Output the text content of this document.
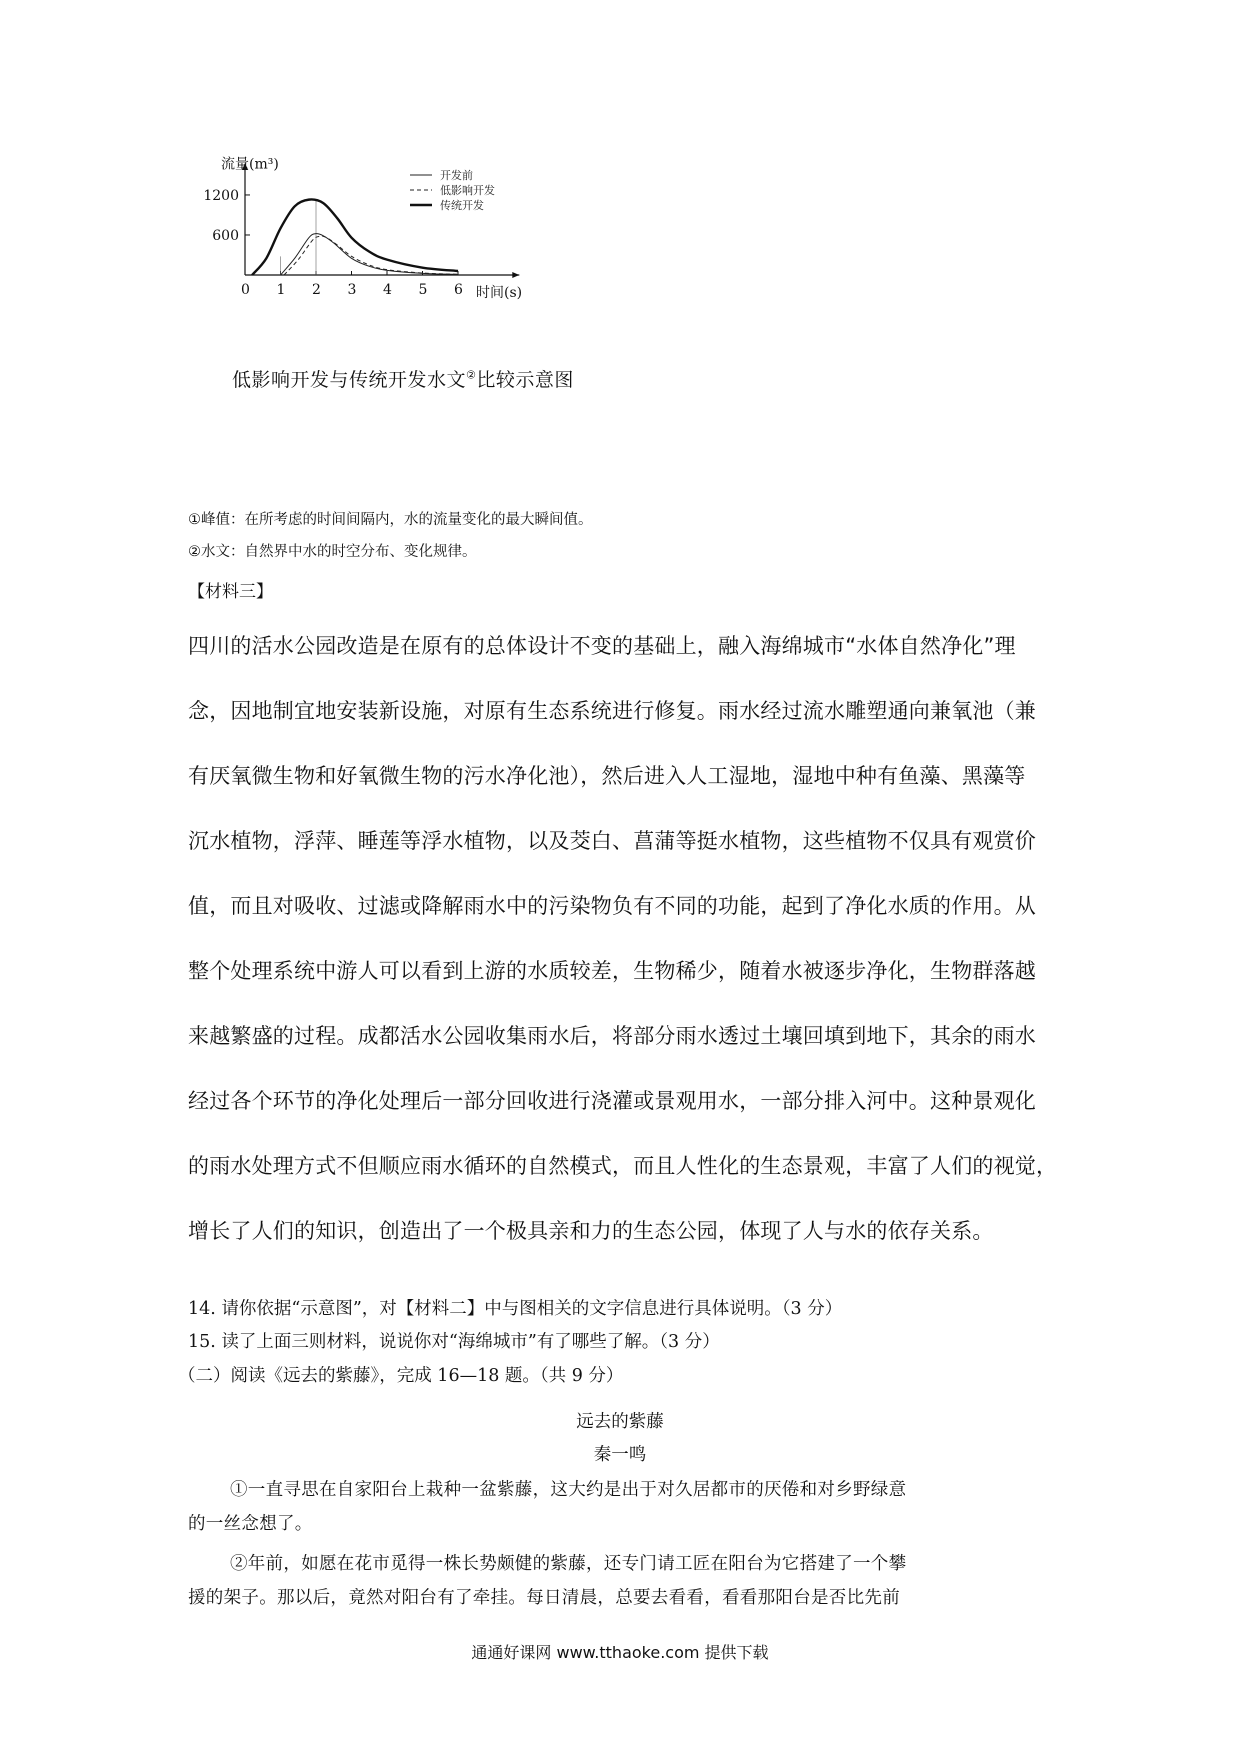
流量(m³)
时间(s)
0 1 2 3 4 5 6
600
1200
开发前
低影响开发
传统开发
低影响开发与传统开发水文②比较示意图
①峰值：在所考虑的时间间隔内，水的流量变化的最大瞬间值。
②水文：自然界中水的时空分布、变化规律。
【材料三】
四川的活水公园改造是在原有的总体设计不变的基础上，融入海绵城市“水体自然净化”理
念，因地制宜地安装新设施，对原有生态系统进行修复。雨水经过流水雕塑通向兼氧池（兼
有厌氧微生物和好氧微生物的污水净化池），然后进入人工湿地，湿地中种有鱼藻、黑藻等
沉水植物，浮萍、睡莲等浮水植物，以及茭白、菖蒲等挺水植物，这些植物不仅具有观赏价
值，而且对吸收、过滤或降解雨水中的污染物负有不同的功能，起到了净化水质的作用。从
整个处理系统中游人可以看到上游的水质较差，生物稀少，随着水被逐步净化，生物群落越
来越繁盛的过程。成都活水公园收集雨水后，将部分雨水透过土壤回填到地下，其余的雨水
经过各个环节的净化处理后一部分回收进行浇灌或景观用水，一部分排入河中。这种景观化
的雨水处理方式不但顺应雨水循环的自然模式，而且人性化的生态景观，丰富了人们的视觉，
增长了人们的知识，创造出了一个极具亲和力的生态公园，体现了人与水的依存关系。
14. 请你依据“示意图”，对【材料二】中与图相关的文字信息进行具体说明。（3 分）
15. 读了上面三则材料，说说你对“海绵城市”有了哪些了解。（3 分）
（二）阅读《远去的紫藤》，完成 16—18 题。（共 9 分）
远去的紫藤
秦一鸣
①一直寻思在自家阳台上栽种一盆紫藤，这大约是出于对久居都市的厌倦和对乡野绿意
的一丝念想了。
②年前，如愿在花市觅得一株长势颇健的紫藤，还专门请工匠在阳台为它搭建了一个攀
援的架子。那以后，竟然对阳台有了牵挂。每日清晨，总要去看看，看看那阳台是否比先前
通通好课网 www.tthaoke.com 提供下载
